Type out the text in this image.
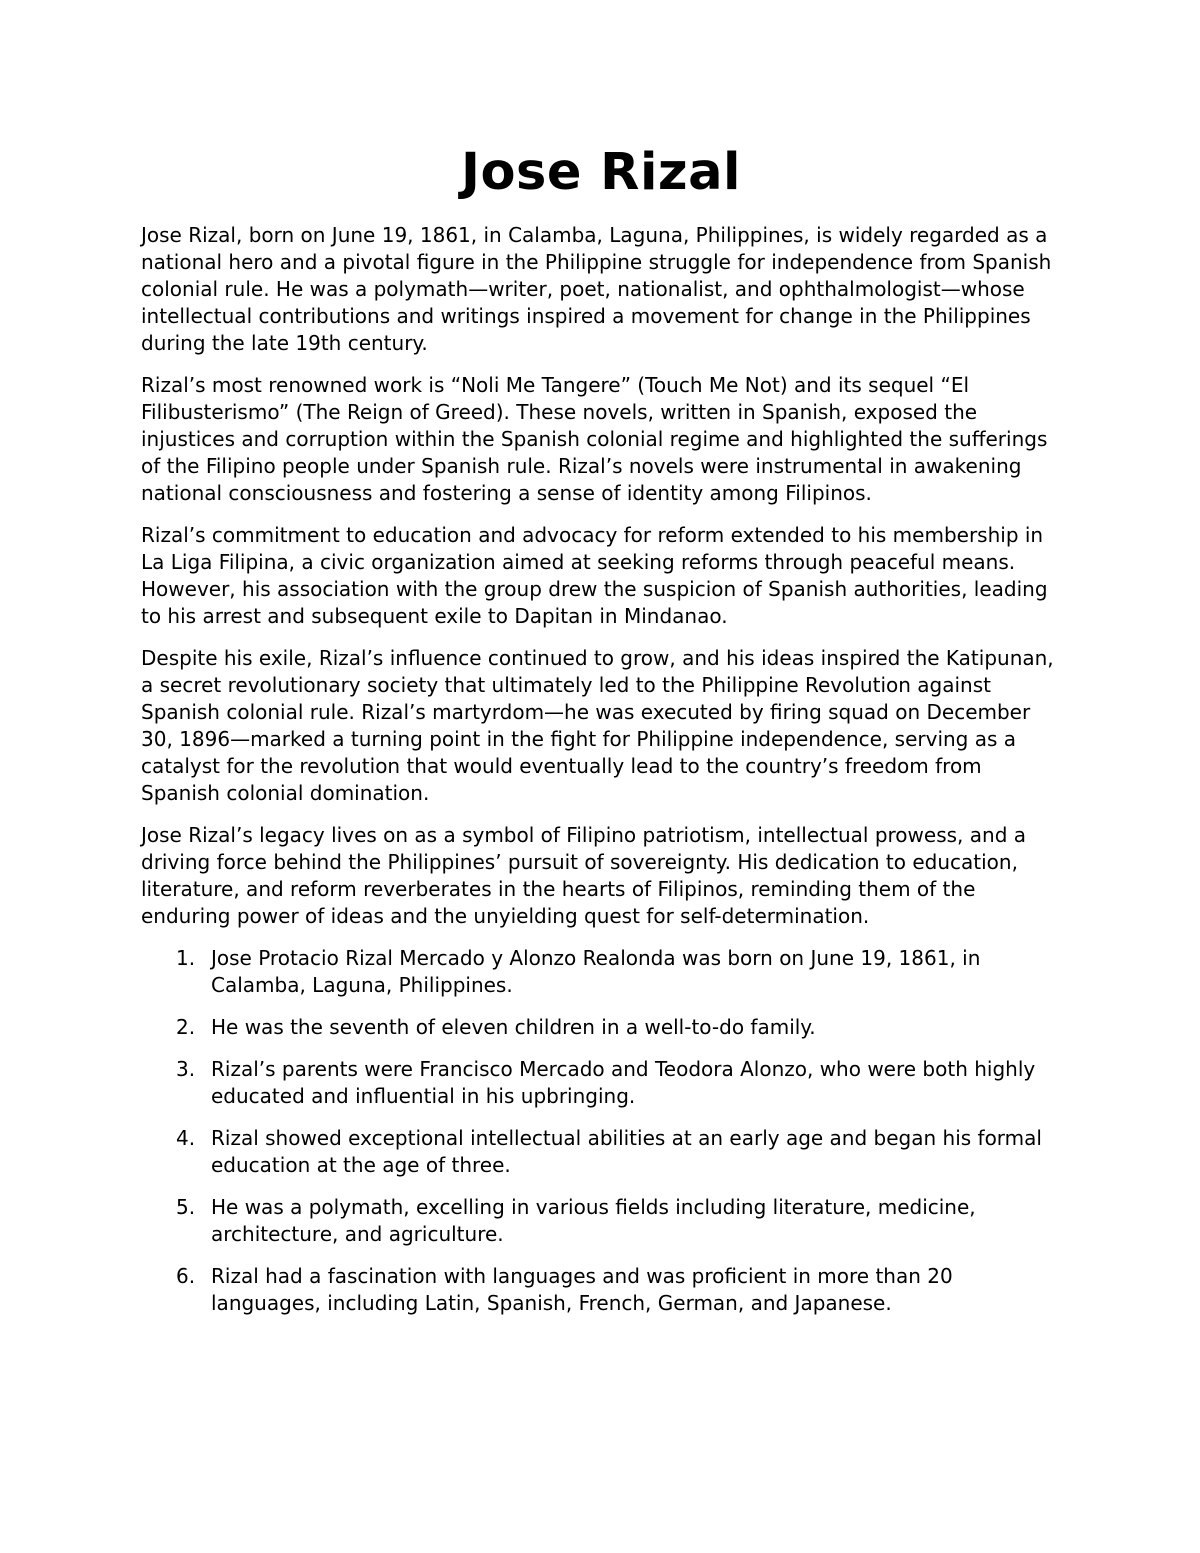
Jose Rizal

Jose Rizal, born on June 19, 1861, in Calamba, Laguna, Philippines, is widely regarded as a national hero and a pivotal figure in the Philippine struggle for independence from Spanish colonial rule. He was a polymath—writer, poet, nationalist, and ophthalmologist—whose intellectual contributions and writings inspired a movement for change in the Philippines during the late 19th century.

Rizal’s most renowned work is “Noli Me Tangere” (Touch Me Not) and its sequel “El Filibusterismo” (The Reign of Greed). These novels, written in Spanish, exposed the injustices and corruption within the Spanish colonial regime and highlighted the sufferings of the Filipino people under Spanish rule. Rizal’s novels were instrumental in awakening national consciousness and fostering a sense of identity among Filipinos.

Rizal’s commitment to education and advocacy for reform extended to his membership in La Liga Filipina, a civic organization aimed at seeking reforms through peaceful means. However, his association with the group drew the suspicion of Spanish authorities, leading to his arrest and subsequent exile to Dapitan in Mindanao.

Despite his exile, Rizal’s influence continued to grow, and his ideas inspired the Katipunan, a secret revolutionary society that ultimately led to the Philippine Revolution against Spanish colonial rule. Rizal’s martyrdom—he was executed by firing squad on December 30, 1896—marked a turning point in the fight for Philippine independence, serving as a catalyst for the revolution that would eventually lead to the country’s freedom from Spanish colonial domination.

Jose Rizal’s legacy lives on as a symbol of Filipino patriotism, intellectual prowess, and a driving force behind the Philippines’ pursuit of sovereignty. His dedication to education, literature, and reform reverberates in the hearts of Filipinos, reminding them of the enduring power of ideas and the unyielding quest for self-determination.

1. Jose Protacio Rizal Mercado y Alonzo Realonda was born on June 19, 1861, in Calamba, Laguna, Philippines.
2. He was the seventh of eleven children in a well-to-do family.
3. Rizal’s parents were Francisco Mercado and Teodora Alonzo, who were both highly educated and influential in his upbringing.
4. Rizal showed exceptional intellectual abilities at an early age and began his formal education at the age of three.
5. He was a polymath, excelling in various fields including literature, medicine, architecture, and agriculture.
6. Rizal had a fascination with languages and was proficient in more than 20 languages, including Latin, Spanish, French, German, and Japanese.
